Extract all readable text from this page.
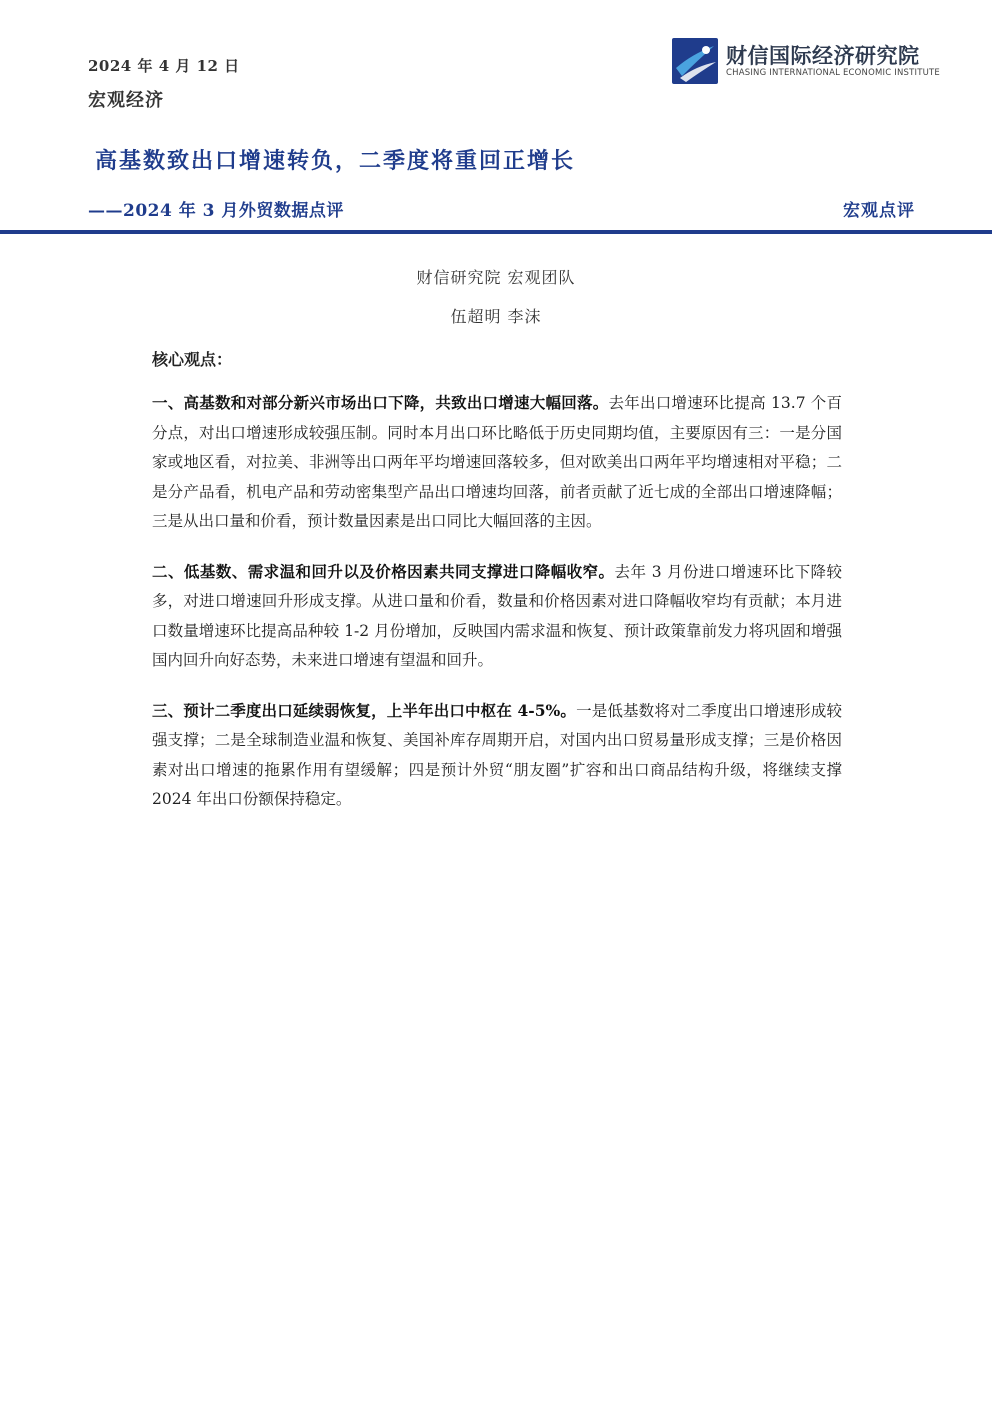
2024 年 4 月 12 日
宏观经济
财信国际经济研究院
CHASING INTERNATIONAL ECONOMIC INSTITUTE
高基数致出口增速转负，二季度将重回正增长
——2024 年 3 月外贸数据点评	宏观点评
财信研究院 宏观团队
伍超明 李沫
核心观点：

一、高基数和对部分新兴市场出口下降，共致出口增速大幅回落。去年出口增速环比提高 13.7 个百分点，对出口增速形成较强压制。同时本月出口环比略低于历史同期均值，主要原因有三：一是分国家或地区看，对拉美、非洲等出口两年平均增速回落较多，但对欧美出口两年平均增速相对平稳；二是分产品看，机电产品和劳动密集型产品出口增速均回落，前者贡献了近七成的全部出口增速降幅；三是从出口量和价看，预计数量因素是出口同比大幅回落的主因。

二、低基数、需求温和回升以及价格因素共同支撑进口降幅收窄。去年 3 月份进口增速环比下降较多，对进口增速回升形成支撑。从进口量和价看，数量和价格因素对进口降幅收窄均有贡献；本月进口数量增速环比提高品种较 1-2 月份增加，反映国内需求温和恢复、预计政策靠前发力将巩固和增强国内回升向好态势，未来进口增速有望温和回升。

三、预计二季度出口延续弱恢复，上半年出口中枢在 4-5%。一是低基数将对二季度出口增速形成较强支撑；二是全球制造业温和恢复、美国补库存周期开启，对国内出口贸易量形成支撑；三是价格因素对出口增速的拖累作用有望缓解；四是预计外贸“朋友圈”扩容和出口商品结构升级，将继续支撑 2024 年出口份额保持稳定。
